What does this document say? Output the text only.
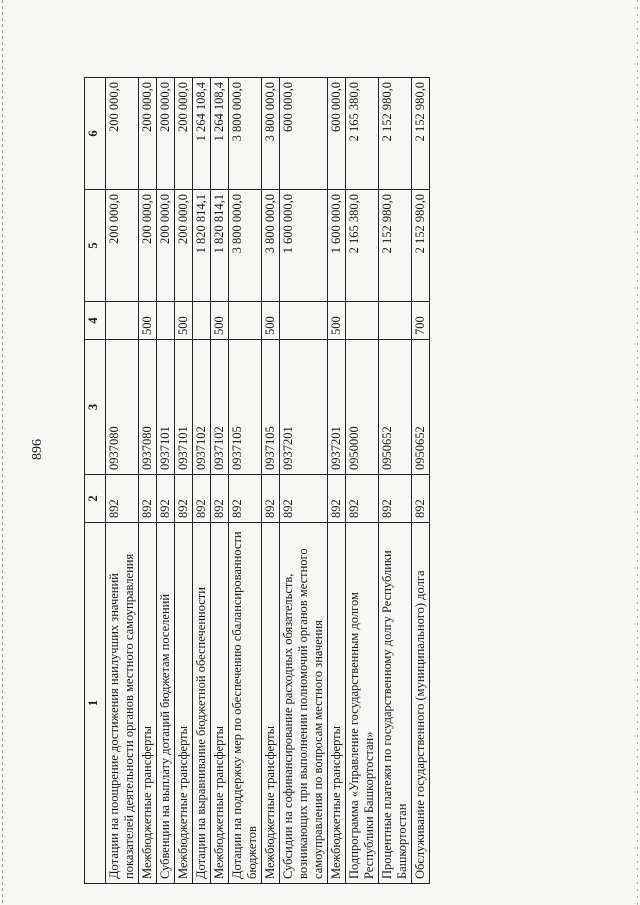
896
1	2	3	4	5	6
Дотации на поощрение достижения наилучших значений показателей деятельности органов местного самоуправления	892	0937080		200 000,0	200 000,0
Межбюджетные трансферты	892	0937080	500	200 000,0	200 000,0
Субвенции на выплату дотаций бюджетам поселений	892	0937101		200 000,0	200 000,0
Межбюджетные трансферты	892	0937101	500	200 000,0	200 000,0
Дотации на выравнивание бюджетной обеспеченности	892	0937102		1 820 814,1	1 264 108,4
Межбюджетные трансферты	892	0937102	500	1 820 814,1	1 264 108,4
Дотации на поддержку мер по обеспечению сбалансированности бюджетов	892	0937105		3 800 000,0	3 800 000,0
Межбюджетные трансферты	892	0937105	500	3 800 000,0	3 800 000,0
Субсидии на софинансирование расходных обязательств, возникающих при выполнении полномочий органов местного самоуправления по вопросам местного значения	892	0937201		1 600 000,0	600 000,0
Межбюджетные трансферты	892	0937201	500	1 600 000,0	600 000,0
Подпрограмма «Управление государственным долгом Республики Башкортостан»	892	0950000		2 165 380,0	2 165 380,0
Процентные платежи по государственному долгу Республики Башкортостан	892	0950652		2 152 980,0	2 152 980,0
Обслуживание государственного (муниципального) долга	892	0950652	700	2 152 980,0	2 152 980,0
